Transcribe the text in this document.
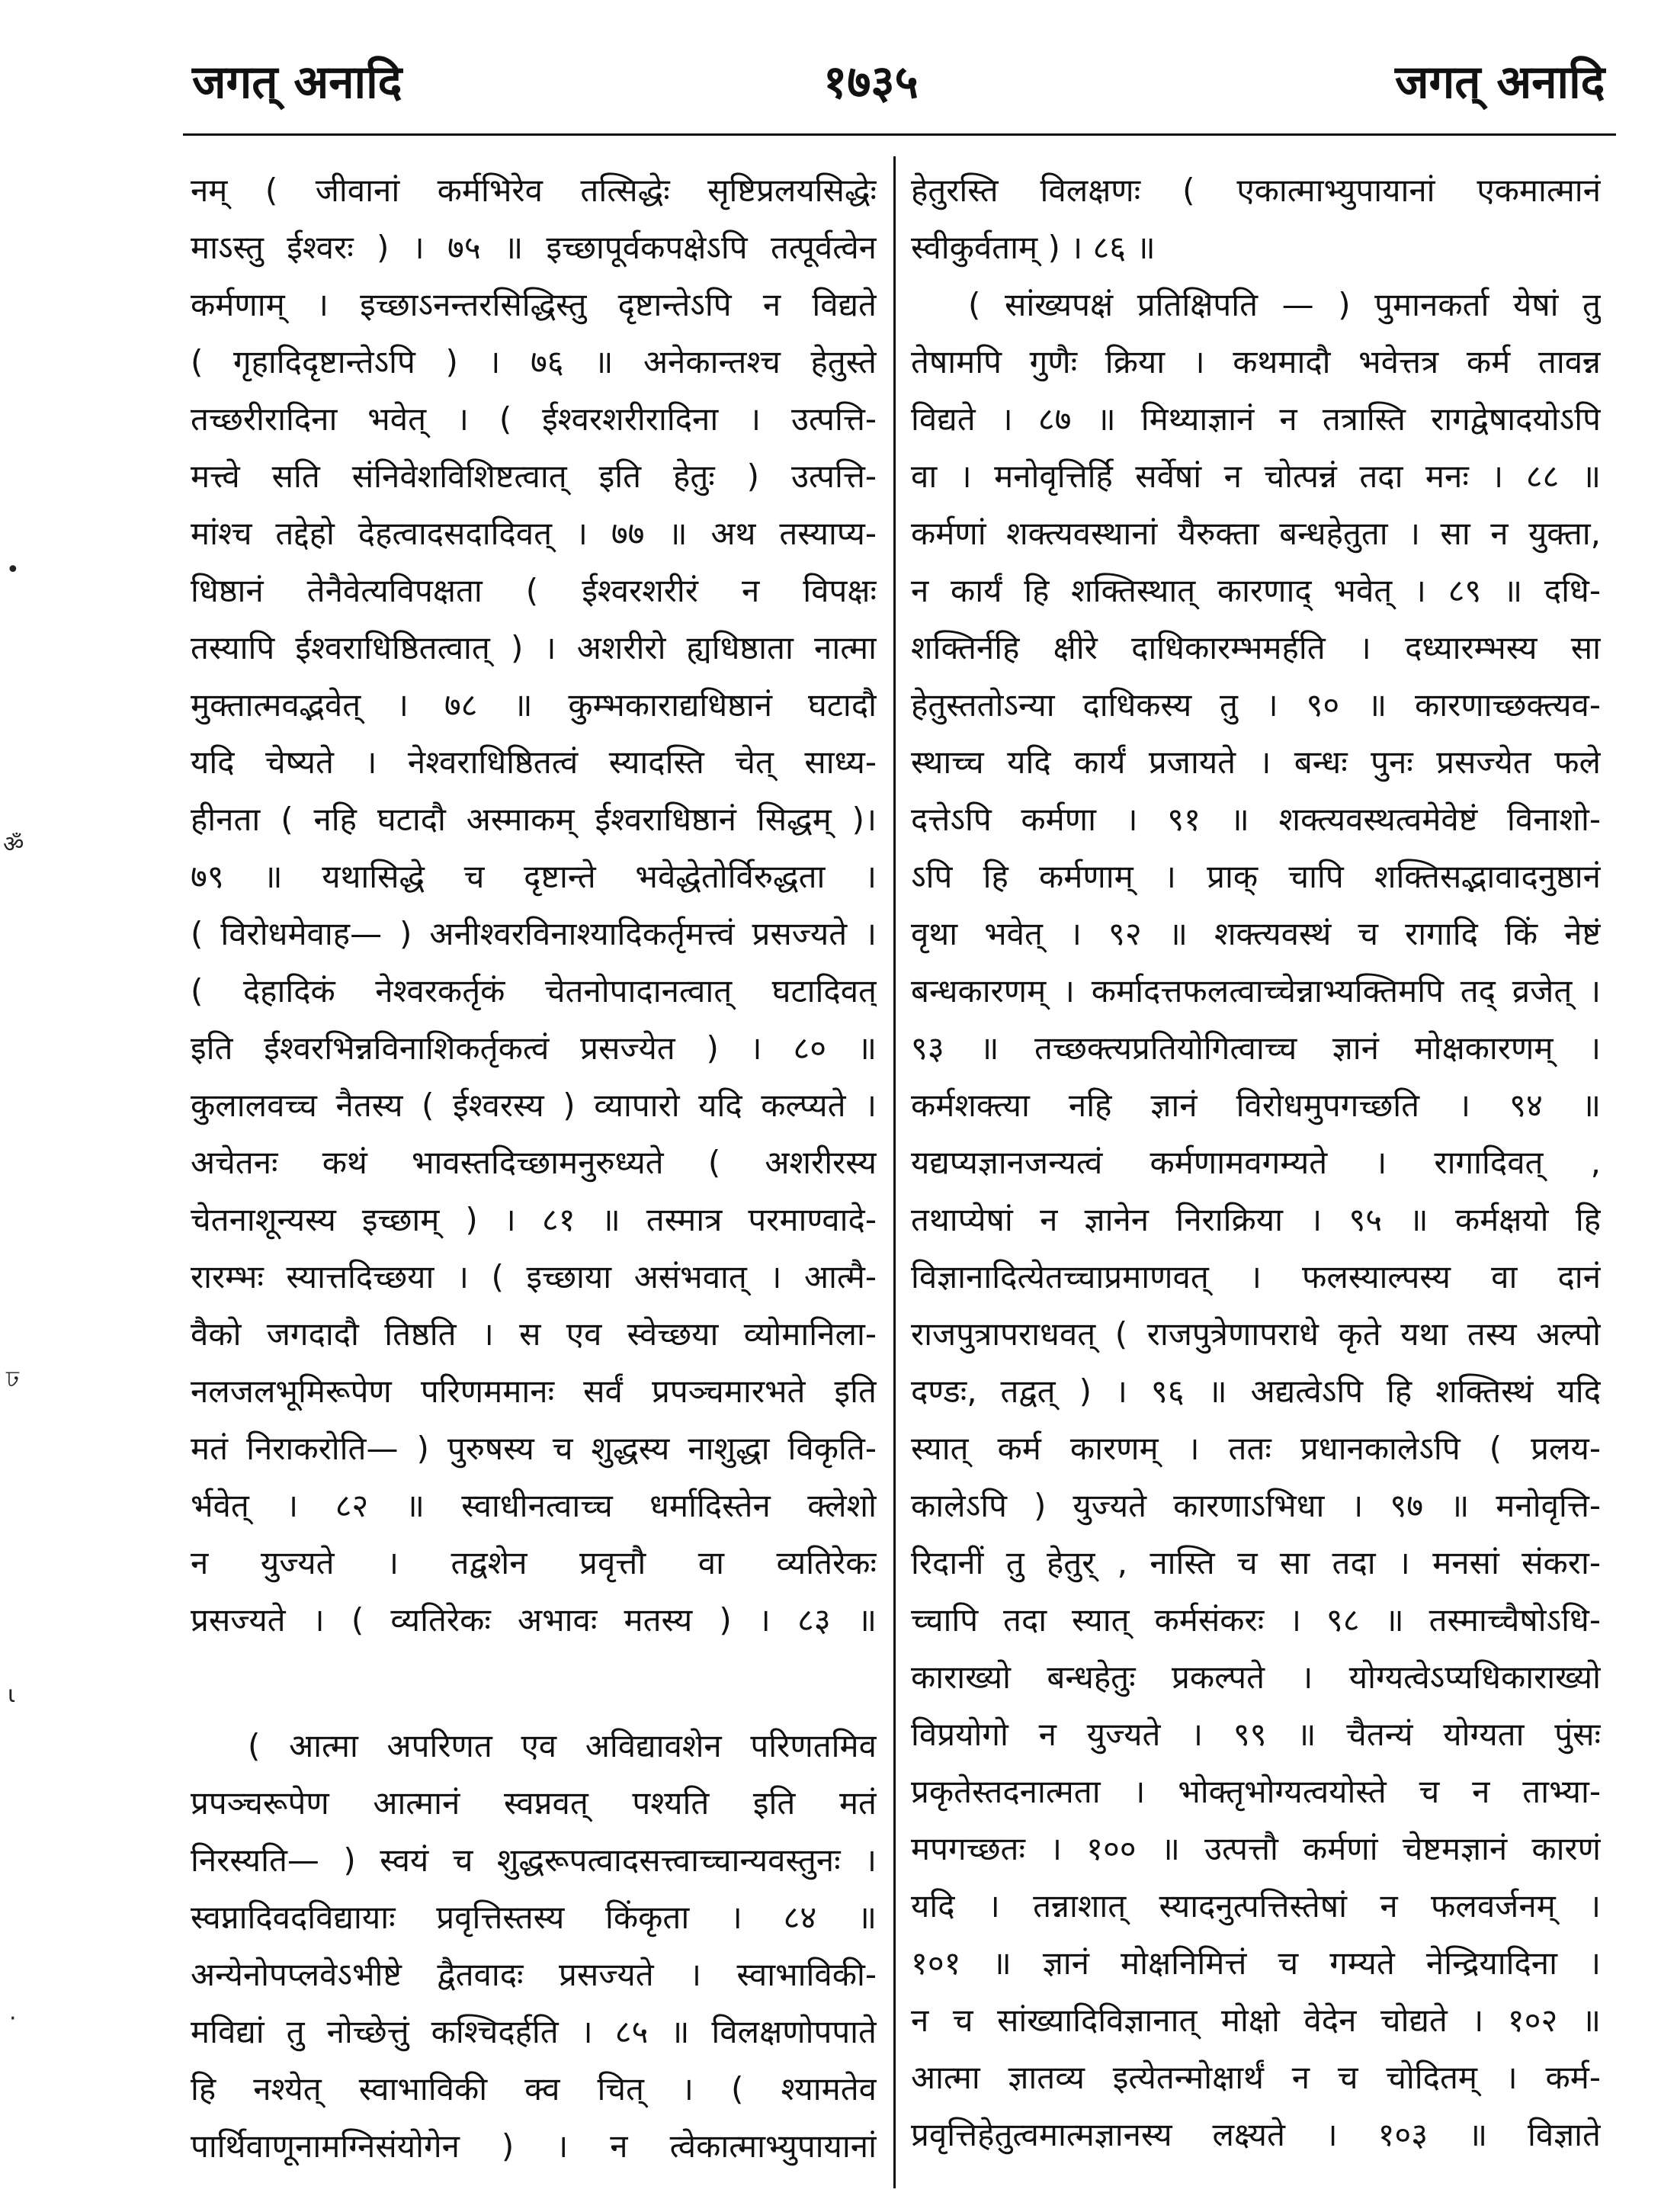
जगत् अनादि	१७३५	जगत् अनादि
•
ॐ
ঢ
ɩ
·
नम् ( जीवानां कर्मभिरेव तत्सिद्धेः सृष्टिप्रलयसिद्धेः
माऽस्तु ईश्वरः ) । ७५ ॥ इच्छापूर्वकपक्षेऽपि तत्पूर्वत्वेन
कर्मणाम् । इच्छाऽनन्तरसिद्धिस्तु दृष्टान्तेऽपि न विद्यते
( गृहादिदृष्टान्तेऽपि ) । ७६ ॥ अनेकान्तश्च हेतुस्ते
तच्छरीरादिना भवेत् । ( ईश्वरशरीरादिना । उत्पत्ति-
मत्त्वे सति संनिवेशविशिष्टत्वात् इति हेतुः ) उत्पत्ति-
मांश्च तद्देहो देहत्वादसदादिवत् । ७७ ॥ अथ तस्याप्य-
धिष्ठानं तेनैवेत्यविपक्षता ( ईश्वरशरीरं न विपक्षः
तस्यापि ईश्वराधिष्ठितत्वात् ) । अशरीरो ह्यधिष्ठाता नात्मा
मुक्तात्मवद्भवेत् । ७८ ॥ कुम्भकाराद्यधिष्ठानं घटादौ
यदि चेष्यते । नेश्वराधिष्ठितत्वं स्यादस्ति चेत् साध्य-
हीनता ( नहि घटादौ अस्माकम् ईश्वराधिष्ठानं सिद्धम् )।
७९ ॥ यथासिद्धे च दृष्टान्ते भवेद्धेतोर्विरुद्धता ।
( विरोधमेवाह— ) अनीश्वरविनाश्यादिकर्तृमत्त्वं प्रसज्यते ।
( देहादिकं नेश्वरकर्तृकं चेतनोपादानत्वात् घटादिवत्
इति ईश्वरभिन्नविनाशिकर्तृकत्वं प्रसज्येत ) । ८० ॥
कुलालवच्च नैतस्य ( ईश्वरस्य ) व्यापारो यदि कल्प्यते ।
अचेतनः कथं भावस्तदिच्छामनुरुध्यते ( अशरीरस्य
चेतनाशून्यस्य इच्छाम् ) । ८१ ॥ तस्मात्र परमाण्वादे-
रारम्भः स्यात्तदिच्छया । ( इच्छाया असंभवात् । आत्मै-
वैको जगदादौ तिष्ठति । स एव स्वेच्छया व्योमानिला-
नलजलभूमिरूपेण परिणममानः सर्वं प्रपञ्चमारभते इति
मतं निराकरोति— ) पुरुषस्य च शुद्धस्य नाशुद्धा विकृति-
र्भवेत् । ८२ ॥ स्वाधीनत्वाच्च धर्मादिस्तेन क्लेशो
न युज्यते । तद्वशेन प्रवृत्तौ वा व्यतिरेकः
प्रसज्यते । ( व्यतिरेकः अभावः मतस्य ) । ८३ ॥
( आत्मा अपरिणत एव अविद्यावशेन परिणतमिव
प्रपञ्चरूपेण आत्मानं स्वप्नवत् पश्यति इति मतं
निरस्यति— ) स्वयं च शुद्धरूपत्वादसत्त्वाच्चान्यवस्तुनः ।
स्वप्नादिवदविद्यायाः प्रवृत्तिस्तस्य किंकृता । ८४ ॥
अन्येनोपप्लवेऽभीष्टे द्वैतवादः प्रसज्यते । स्वाभाविकी-
मविद्यां तु नोच्छेत्तुं कश्चिदर्हति । ८५ ॥ विलक्षणोपपाते
हि नश्येत् स्वाभाविकी क्व चित् । ( श्यामतेव
पार्थिवाणूनामग्निसंयोगेन ) । न त्वेकात्माभ्युपायानां
हेतुरस्ति विलक्षणः ( एकात्माभ्युपायानां एकमात्मानं
स्वीकुर्वताम् ) । ८६ ॥
( सांख्यपक्षं प्रतिक्षिपति — ) पुमानकर्ता येषां तु
तेषामपि गुणैः क्रिया । कथमादौ भवेत्तत्र कर्म तावन्न
विद्यते । ८७ ॥ मिथ्याज्ञानं न तत्रास्ति रागद्वेषादयोऽपि
वा । मनोवृत्तिर्हि सर्वेषां न चोत्पन्नं तदा मनः । ८८ ॥
कर्मणां शक्त्यवस्थानां यैरुक्ता बन्धहेतुता । सा न युक्ता,
न कार्यं हि शक्तिस्थात् कारणाद् भवेत् । ८९ ॥ दधि-
शक्तिर्नहि क्षीरे दाधिकारम्भमर्हति । दध्यारम्भस्य सा
हेतुस्ततोऽन्या दाधिकस्य तु । ९० ॥ कारणाच्छक्त्यव-
स्थाच्च यदि कार्यं प्रजायते । बन्धः पुनः प्रसज्येत फले
दत्तेऽपि कर्मणा । ९१ ॥ शक्त्यवस्थत्वमेवेष्टं विनाशो-
ऽपि हि कर्मणाम् । प्राक् चापि शक्तिसद्भावादनुष्ठानं
वृथा भवेत् । ९२ ॥ शक्त्यवस्थं च रागादि किं नेष्टं
बन्धकारणम् । कर्मादत्तफलत्वाच्चेन्नाभ्यक्तिमपि तद् व्रजेत् ।
९३ ॥ तच्छक्त्यप्रतियोगित्वाच्च ज्ञानं मोक्षकारणम् ।
कर्मशक्त्या नहि ज्ञानं विरोधमुपगच्छति । ९४ ॥
यद्यप्यज्ञानजन्यत्वं कर्मणामवगम्यते । रागादिवत् ,
तथाप्येषां न ज्ञानेन निराक्रिया । ९५ ॥ कर्मक्षयो हि
विज्ञानादित्येतच्चाप्रमाणवत् । फलस्याल्पस्य वा दानं
राजपुत्रापराधवत् ( राजपुत्रेणापराधे कृते यथा तस्य अल्पो
दण्डः, तद्वत् ) । ९६ ॥ अद्यत्वेऽपि हि शक्तिस्थं यदि
स्यात् कर्म कारणम् । ततः प्रधानकालेऽपि ( प्रलय-
कालेऽपि ) युज्यते कारणाऽभिधा । ९७ ॥ मनोवृत्ति-
रिदानीं तु हेतुर् , नास्ति च सा तदा । मनसां संकरा-
च्चापि तदा स्यात् कर्मसंकरः । ९८ ॥ तस्माच्चैषोऽधि-
काराख्यो बन्धहेतुः प्रकल्पते । योग्यत्वेऽप्यधिकाराख्यो
विप्रयोगो न युज्यते । ९९ ॥ चैतन्यं योग्यता पुंसः
प्रकृतेस्तदनात्मता । भोक्तृभोग्यत्वयोस्ते च न ताभ्या-
मपगच्छतः । १०० ॥ उत्पत्तौ कर्मणां चेष्टमज्ञानं कारणं
यदि । तन्नाशात् स्यादनुत्पत्तिस्तेषां न फलवर्जनम् ।
१०१ ॥ ज्ञानं मोक्षनिमित्तं च गम्यते नेन्द्रियादिना ।
न च सांख्यादिविज्ञानात् मोक्षो वेदेन चोद्यते । १०२ ॥
आत्मा ज्ञातव्य इत्येतन्मोक्षार्थं न च चोदितम् । कर्म-
प्रवृत्तिहेतुत्वमात्मज्ञानस्य लक्ष्यते । १०३ ॥ विज्ञाते
